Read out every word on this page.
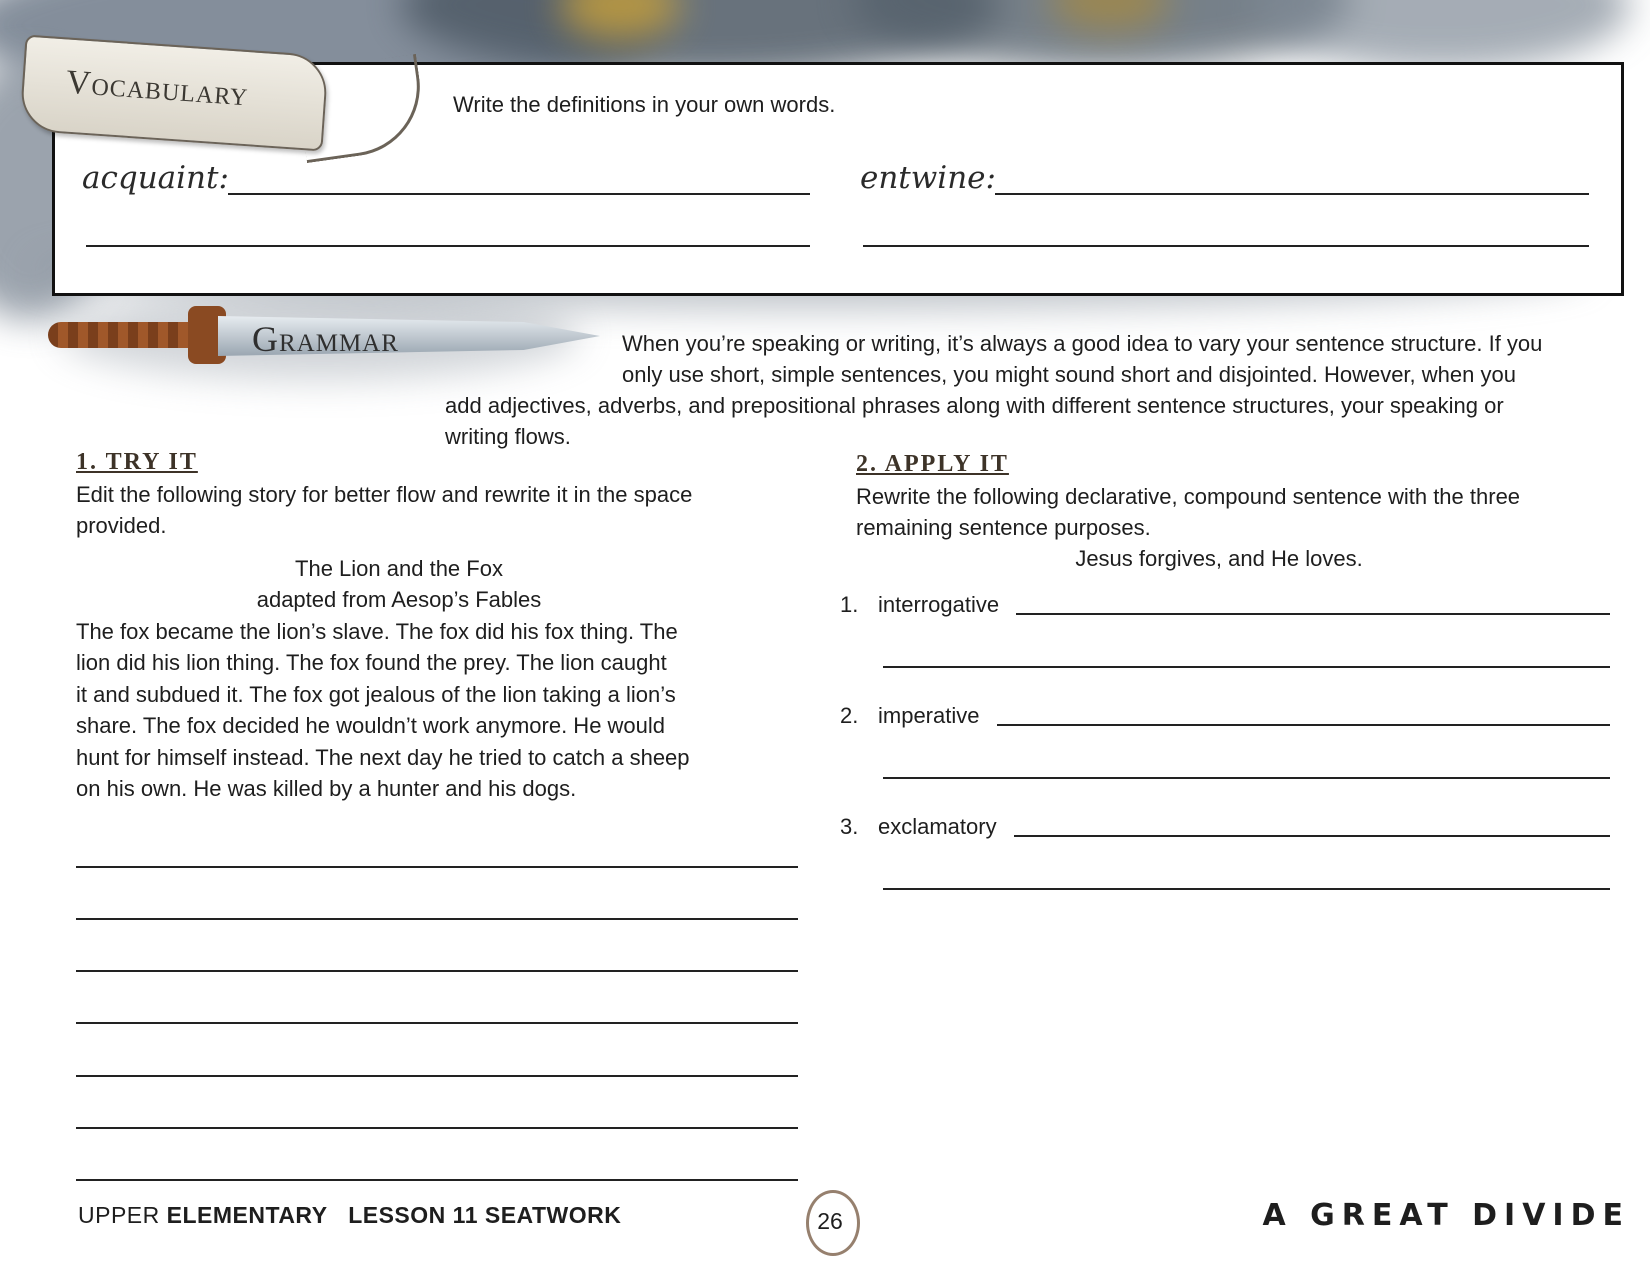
Vocabulary	Write the definitions in your own words.
acquaint:	entwine:
Grammar	When you’re speaking or writing, it’s always a good idea to vary your sentence structure. If you
only use short, simple sentences, you might sound short and disjointed. However, when you
add adjectives, adverbs, and prepositional phrases along with different sentence structures, your speaking or
writing flows.
1. TRY IT
Edit the following story for better flow and rewrite it in the space
provided.
The Lion and the Fox
adapted from Aesop’s Fables
The fox became the lion’s slave. The fox did his fox thing. The
lion did his lion thing. The fox found the prey. The lion caught
it and subdued it. The fox got jealous of the lion taking a lion’s
share. The fox decided he wouldn’t work anymore. He would
hunt for himself instead. The next day he tried to catch a sheep
on his own. He was killed by a hunter and his dogs.
2. APPLY IT
Rewrite the following declarative, compound sentence with the three
remaining sentence purposes.
Jesus forgives, and He loves.
1. interrogative
2. imperative
3. exclamatory
UPPER ELEMENTARY LESSON 11 SEATWORK	26	A GREAT DIVIDE
